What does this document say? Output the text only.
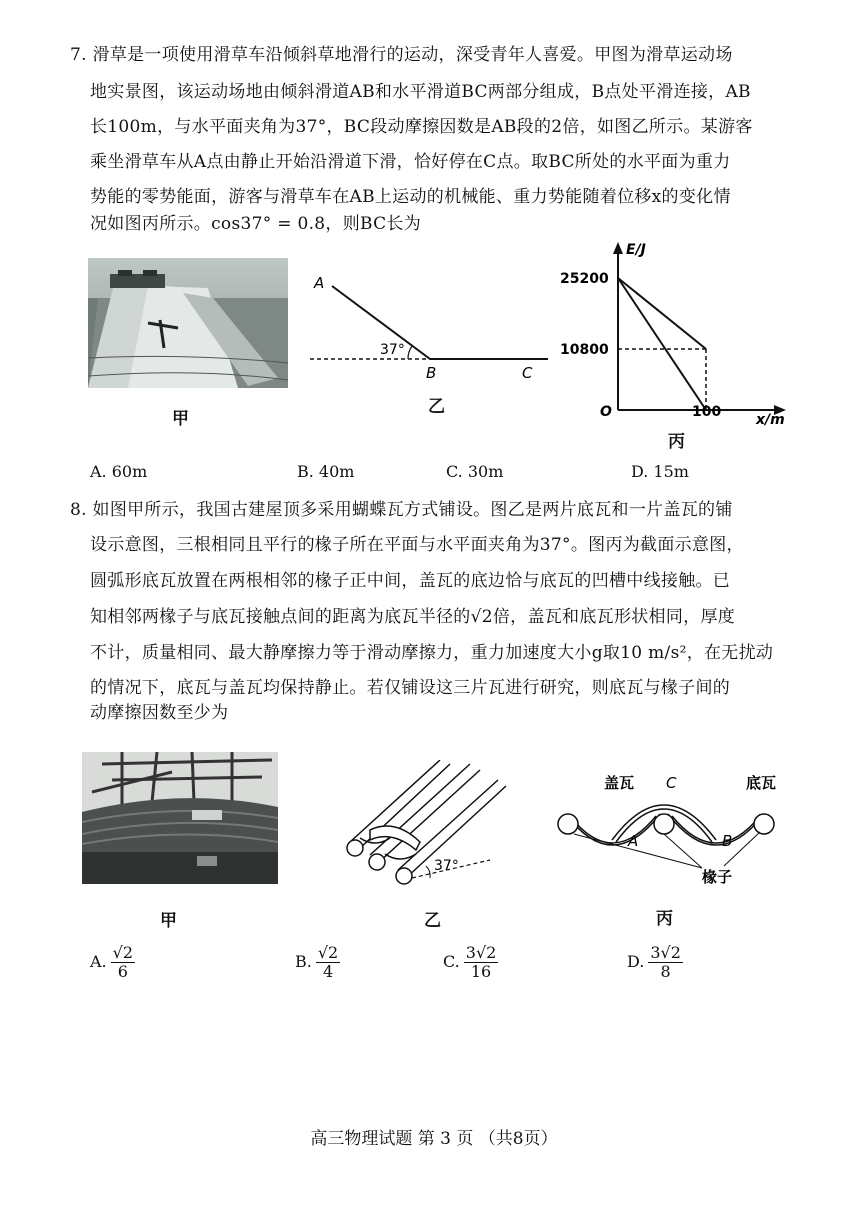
7. 滑草是一项使用滑草车沿倾斜草地滑行的运动，深受青年人喜爱。甲图为滑草运动场
地实景图，该运动场地由倾斜滑道AB和水平滑道BC两部分组成，B点处平滑连接，AB
长100m，与水平面夹角为37°，BC段动摩擦因数是AB段的2倍，如图乙所示。某游客
乘坐滑草车从A点由静止开始沿滑道下滑，恰好停在C点。取BC所处的水平面为重力
势能的零势能面，游客与滑草车在AB上运动的机械能、重力势能随着位移x的变化情
况如图丙所示。cos37° = 0.8，则BC长为
A
B	C
37°
E/J
25200
10800
O	100 x/m
甲
乙
丙
A. 60m	B. 40m	C. 30m	D. 15m
8. 如图甲所示，我国古建屋顶多采用蝴蝶瓦方式铺设。图乙是两片底瓦和一片盖瓦的铺
设示意图，三根相同且平行的椽子所在平面与水平面夹角为37°。图丙为截面示意图，
圆弧形底瓦放置在两根相邻的椽子正中间，盖瓦的底边恰与底瓦的凹槽中线接触。已
知相邻两椽子与底瓦接触点间的距离为底瓦半径的√2倍，盖瓦和底瓦形状相同，厚度
不计，质量相同、最大静摩擦力等于滑动摩擦力，重力加速度大小g取10 m/s²，在无扰动
的情况下，底瓦与盖瓦均保持静止。若仅铺设这三片瓦进行研究，则底瓦与椽子间的
动摩擦因数至少为
37°
盖瓦 C	底瓦
A	B
椽子
甲	乙	丙
A. $\frac{√2}{6}$	B. $\frac{√2}{4}$	C. $\frac{3√2}{16}$	D. $\frac{3√2}{8}$
高三物理试题 第 3 页 （共8页）
